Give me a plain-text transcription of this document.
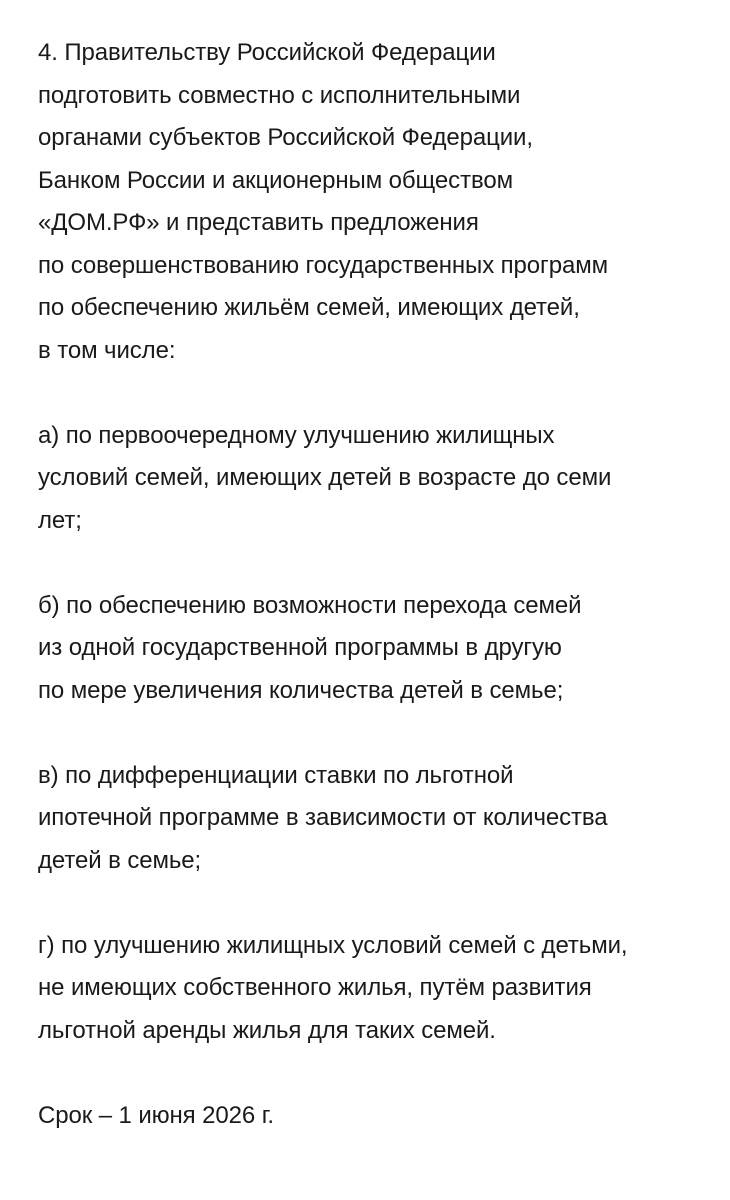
4. Правительству Российской Федерации
подготовить совместно с исполнительными
органами субъектов Российской Федерации,
Банком России и акционерным обществом
«ДОМ.РФ» и представить предложения
по совершенствованию государственных программ
по обеспечению жильём семей, имеющих детей,
в том числе:

а) по первоочередному улучшению жилищных
условий семей, имеющих детей в возрасте до семи
лет;

б) по обеспечению возможности перехода семей
из одной государственной программы в другую
по мере увеличения количества детей в семье;

в) по дифференциации ставки по льготной
ипотечной программе в зависимости от количества
детей в семье;

г) по улучшению жилищных условий семей с детьми,
не имеющих собственного жилья, путём развития
льготной аренды жилья для таких семей.

Срок – 1 июня 2026 г.
